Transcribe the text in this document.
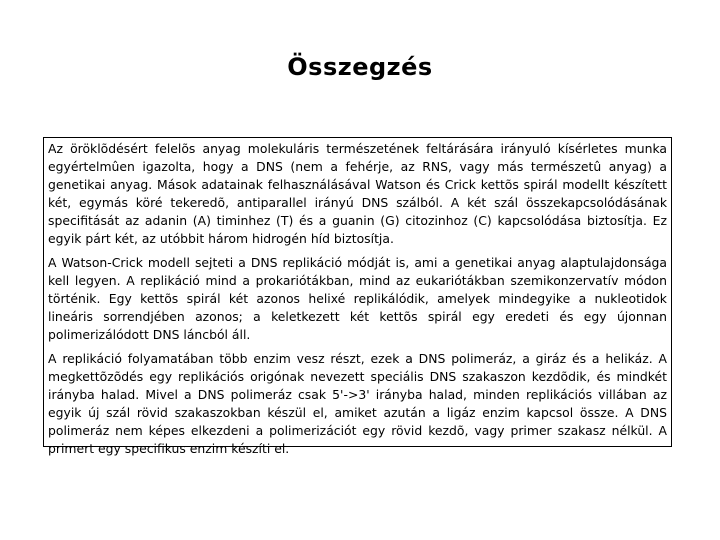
Összegzés

Az öröklõdésért felelõs anyag molekuláris természetének feltárására irányuló kísérletes munka egyértelmûen igazolta, hogy a DNS (nem a fehérje, az RNS, vagy más természetû anyag) a genetikai anyag. Mások adatainak felhasználásával Watson és Crick kettõs spirál modellt készített két, egymás köré tekeredõ, antiparallel irányú DNS szálból. A két szál összekapcsolódásának specifitását az adanin (A) timinhez (T) és a guanin (G) citozinhoz (C) kapcsolódása biztosítja. Ez egyik párt két, az utóbbit három hidrogén híd biztosítja.

A Watson-Crick modell sejteti a DNS replikáció módját is, ami a genetikai anyag alaptulajdonsága kell legyen. A replikáció mind a prokariótákban, mind az eukariótákban szemikonzervatív módon történik. Egy kettõs spirál két azonos helixé replikálódik, amelyek mindegyike a nukleotidok lineáris sorrendjében azonos; a keletkezett két kettõs spirál egy eredeti és egy újonnan polimerizálódott DNS láncból áll.

A replikáció folyamatában több enzim vesz részt, ezek a DNS polimeráz, a giráz és a helikáz. A megkettõzõdés egy replikációs origónak nevezett speciális DNS szakaszon kezdõdik, és mindkét irányba halad. Mivel a DNS polimeráz csak 5'->3' irányba halad, minden replikációs villában az egyik új szál rövid szakaszokban készül el, amiket azután a ligáz enzim kapcsol össze. A DNS polimeráz nem képes elkezdeni a polimerizációt egy rövid kezdõ, vagy primer szakasz nélkül. A primert egy specifikus enzim készíti el.
